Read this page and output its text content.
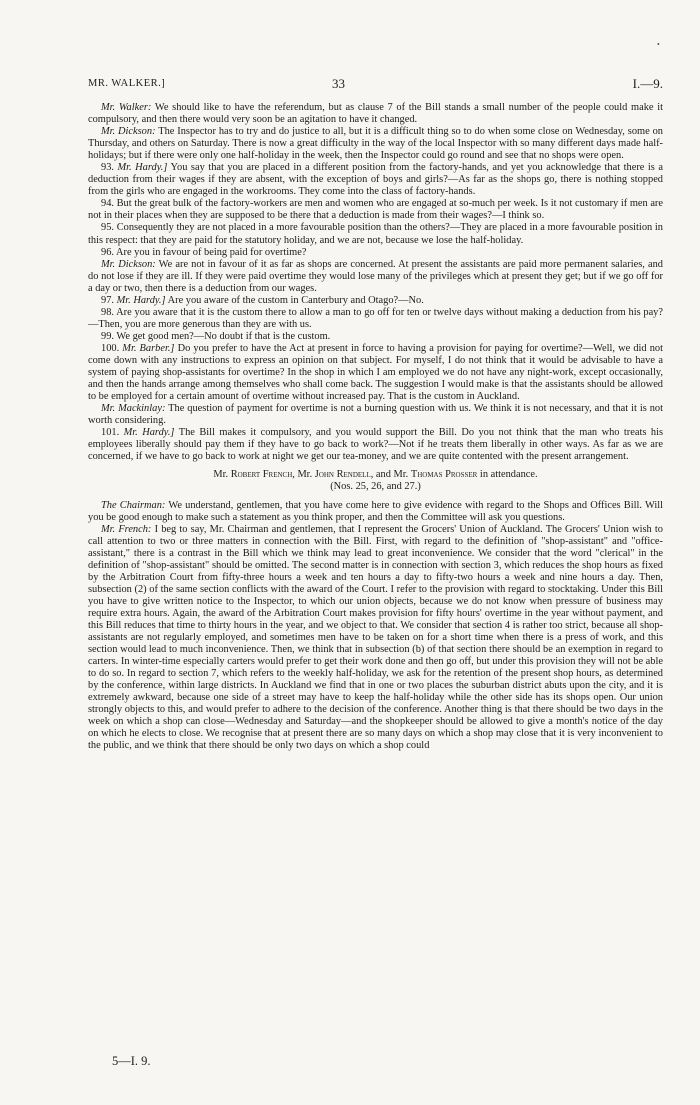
•
MR. WALKER.]	33	I.—9.

Mr. Walker: We should like to have the referendum, but as clause 7 of the Bill stands a small number of the people could make it compulsory, and then there would very soon be an agitation to have it changed.

Mr. Dickson: The Inspector has to try and do justice to all, but it is a difficult thing so to do when some close on Wednesday, some on Thursday, and others on Saturday. There is now a great difficulty in the way of the local Inspector with so many different days made half-holidays; but if there were only one half-holiday in the week, then the Inspector could go round and see that no shops were open.

93. Mr. Hardy.] You say that you are placed in a different position from the factory-hands, and yet you acknowledge that there is a deduction from their wages if they are absent, with the exception of boys and girls?—As far as the shops go, there is nothing stopped from the girls who are engaged in the workrooms. They come into the class of factory-hands.

94. But the great bulk of the factory-workers are men and women who are engaged at so-much per week. Is it not customary if men are not in their places when they are supposed to be there that a deduction is made from their wages?—I think so.

95. Consequently they are not placed in a more favourable position than the others?—They are placed in a more favourable position in this respect: that they are paid for the statutory holiday, and we are not, because we lose the half-holiday.

96. Are you in favour of being paid for overtime?

Mr. Dickson: We are not in favour of it as far as shops are concerned. At present the assistants are paid more permanent salaries, and do not lose if they are ill. If they were paid overtime they would lose many of the privileges which at present they get; but if we go off for a day or two, then there is a deduction from our wages.

97. Mr. Hardy.] Are you aware of the custom in Canterbury and Otago?—No.

98. Are you aware that it is the custom there to allow a man to go off for ten or twelve days without making a deduction from his pay?—Then, you are more generous than they are with us.

99. We get good men?—No doubt if that is the custom.

100. Mr. Barber.] Do you prefer to have the Act at present in force to having a provision for paying for overtime?—Well, we did not come down with any instructions to express an opinion on that subject. For myself, I do not think that it would be advisable to have a system of paying shop-assistants for overtime? In the shop in which I am employed we do not have any night-work, except occasionally, and then the hands arrange among themselves who shall come back. The suggestion I would make is that the assistants should be allowed to be employed for a certain amount of overtime without increased pay. That is the custom in Auckland.

Mr. Mackinlay: The question of payment for overtime is not a burning question with us. We think it is not necessary, and that it is not worth considering.

101. Mr. Hardy.] The Bill makes it compulsory, and you would support the Bill. Do you not think that the man who treats his employees liberally should pay them if they have to go back to work?—Not if he treats them liberally in other ways. As far as we are concerned, if we have to go back to work at night we get our tea-money, and we are quite contented with the present arrangement.

Mr. Robert French, Mr. John Rendell, and Mr. Thomas Prosser in attendance.

(Nos. 25, 26, and 27.)

The Chairman: We understand, gentlemen, that you have come here to give evidence with regard to the Shops and Offices Bill. Will you be good enough to make such a statement as you think proper, and then the Committee will ask you questions.

Mr. French: I beg to say, Mr. Chairman and gentlemen, that I represent the Grocers' Union of Auckland. The Grocers' Union wish to call attention to two or three matters in connection with the Bill. First, with regard to the definition of "shop-assistant" and "office-assistant," there is a contrast in the Bill which we think may lead to great inconvenience. We consider that the word "clerical" in the definition of "shop-assistant" should be omitted. The second matter is in connection with section 3, which reduces the shop hours as fixed by the Arbitration Court from fifty-three hours a week and ten hours a day to fifty-two hours a week and nine hours a day. Then, subsection (2) of the same section conflicts with the award of the Court. I refer to the provision with regard to stocktaking. Under this Bill you have to give written notice to the Inspector, to which our union objects, because we do not know when pressure of business may require extra hours. Again, the award of the Arbitration Court makes provision for fifty hours' overtime in the year without payment, and this Bill reduces that time to thirty hours in the year, and we object to that. We consider that section 4 is rather too strict, because all shop-assistants are not regularly employed, and sometimes men have to be taken on for a short time when there is a press of work, and this section would lead to much inconvenience. Then, we think that in subsection (b) of that section there should be an exemption in regard to carters. In winter-time especially carters would prefer to get their work done and then go off, but under this provision they will not be able to do so. In regard to section 7, which refers to the weekly half-holiday, we ask for the retention of the present shop hours, as determined by the conference, within large districts. In Auckland we find that in one or two places the suburban district abuts upon the city, and it is extremely awkward, because one side of a street may have to keep the half-holiday while the other side has its shops open. Our union strongly objects to this, and would prefer to adhere to the decision of the conference. Another thing is that there should be two days in the week on which a shop can close—Wednesday and Saturday—and the shopkeeper should be allowed to give a month's notice of the day on which he elects to close. We recognise that at present there are so many days on which a shop may close that it is very inconvenient to the public, and we think that there should be only two days on which a shop could

5—I. 9.
